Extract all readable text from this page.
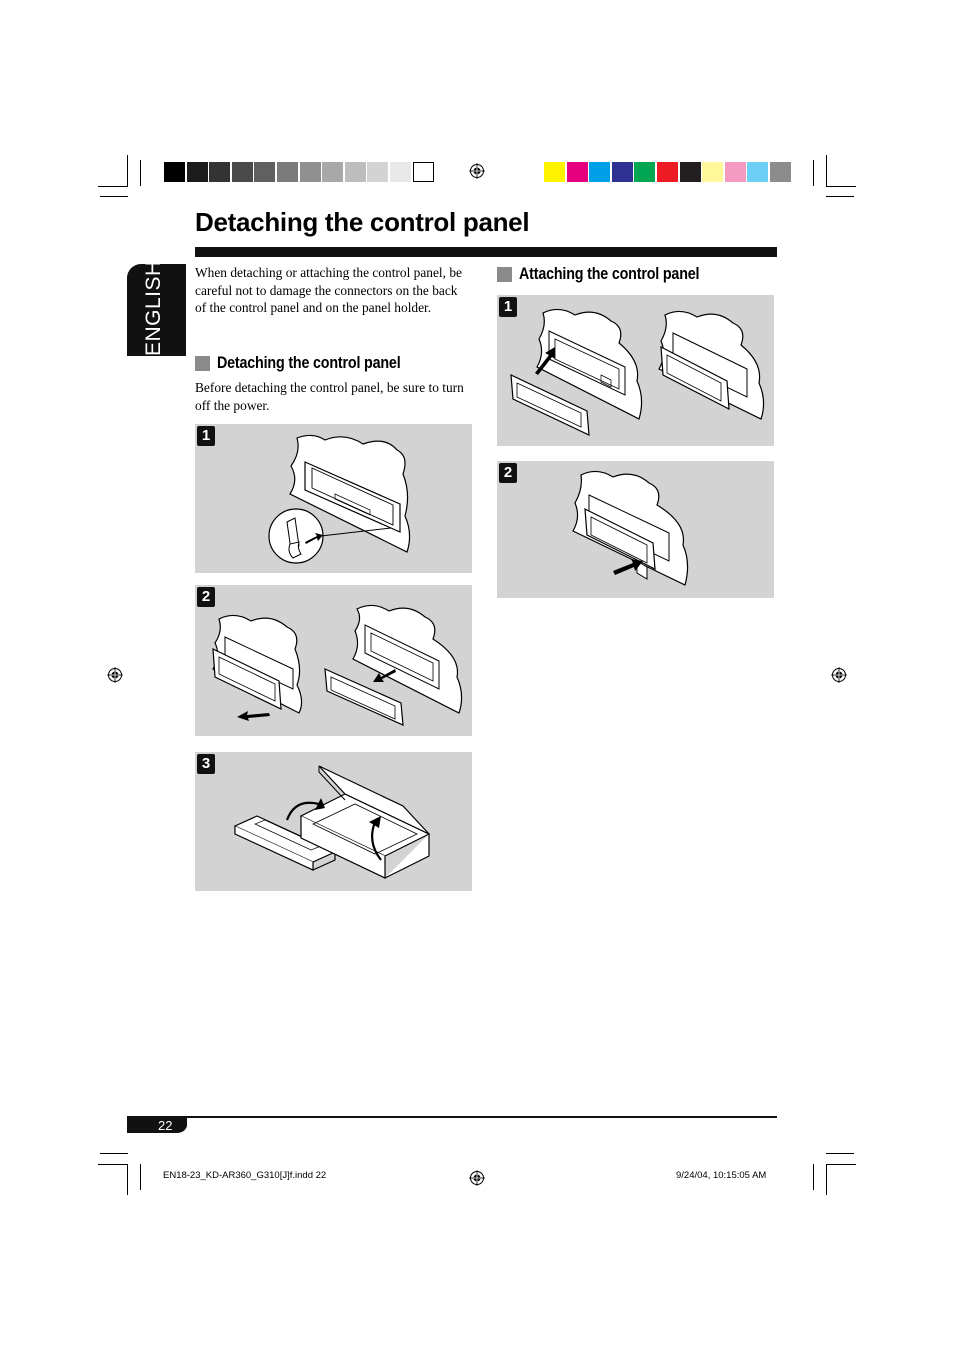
Detaching the control panel
ENGLISH	When detaching or attaching the control panel, be careful not to damage the connectors on the back of the control panel and on the panel holder.
Detaching the control panel
Before detaching the control panel, be sure to turn off the power.
Attaching the control panel
1
2
3
1
2
22
EN18-23_KD-AR360_G310[J]f.indd 22	9/24/04, 10:15:05 AM
